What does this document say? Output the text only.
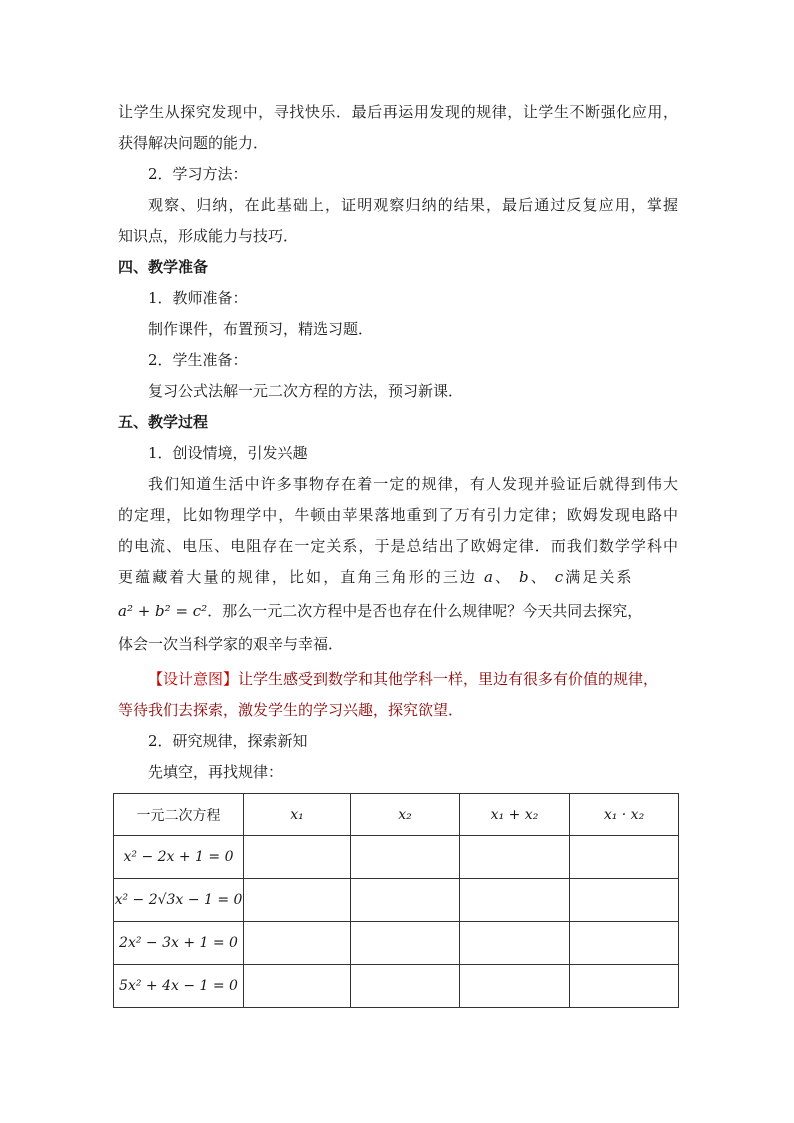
让学生从探究发现中，寻找快乐．最后再运用发现的规律，让学生不断强化应用，

获得解决问题的能力．

2．学习方法：

观察、归纳，在此基础上，证明观察归纳的结果，最后通过反复应用，掌握

知识点，形成能力与技巧．

四、教学准备

1．教师准备：

制作课件，布置预习，精选习题．

2．学生准备：

复习公式法解一元二次方程的方法，预习新课．

五、教学过程

1．创设情境，引发兴趣

我们知道生活中许多事物存在着一定的规律，有人发现并验证后就得到伟大

的定理，比如物理学中，牛顿由苹果落地重到了万有引力定律；欧姆发现电路中

的电流、电压、电阻存在一定关系，于是总结出了欧姆定律．而我们数学学科中

更蕴藏着大量的规律，比如，直角三角形的三边 a、 b、 c满足关系

a² + b² = c²．那么一元二次方程中是否也存在什么规律呢？今天共同去探究，

体会一次当科学家的艰辛与幸福．

【设计意图】让学生感受到数学和其他学科一样，里边有很多有价值的规律，

等待我们去探索，激发学生的学习兴趣，探究欲望．

2．研究规律，探索新知

先填空，再找规律：

一元二次方程	x₁	x₂	x₁ + x₂	x₁ · x₂
x² − 2x + 1 = 0				
x² − 2√3x − 1 = 0				
2x² − 3x + 1 = 0				
5x² + 4x − 1 = 0				
